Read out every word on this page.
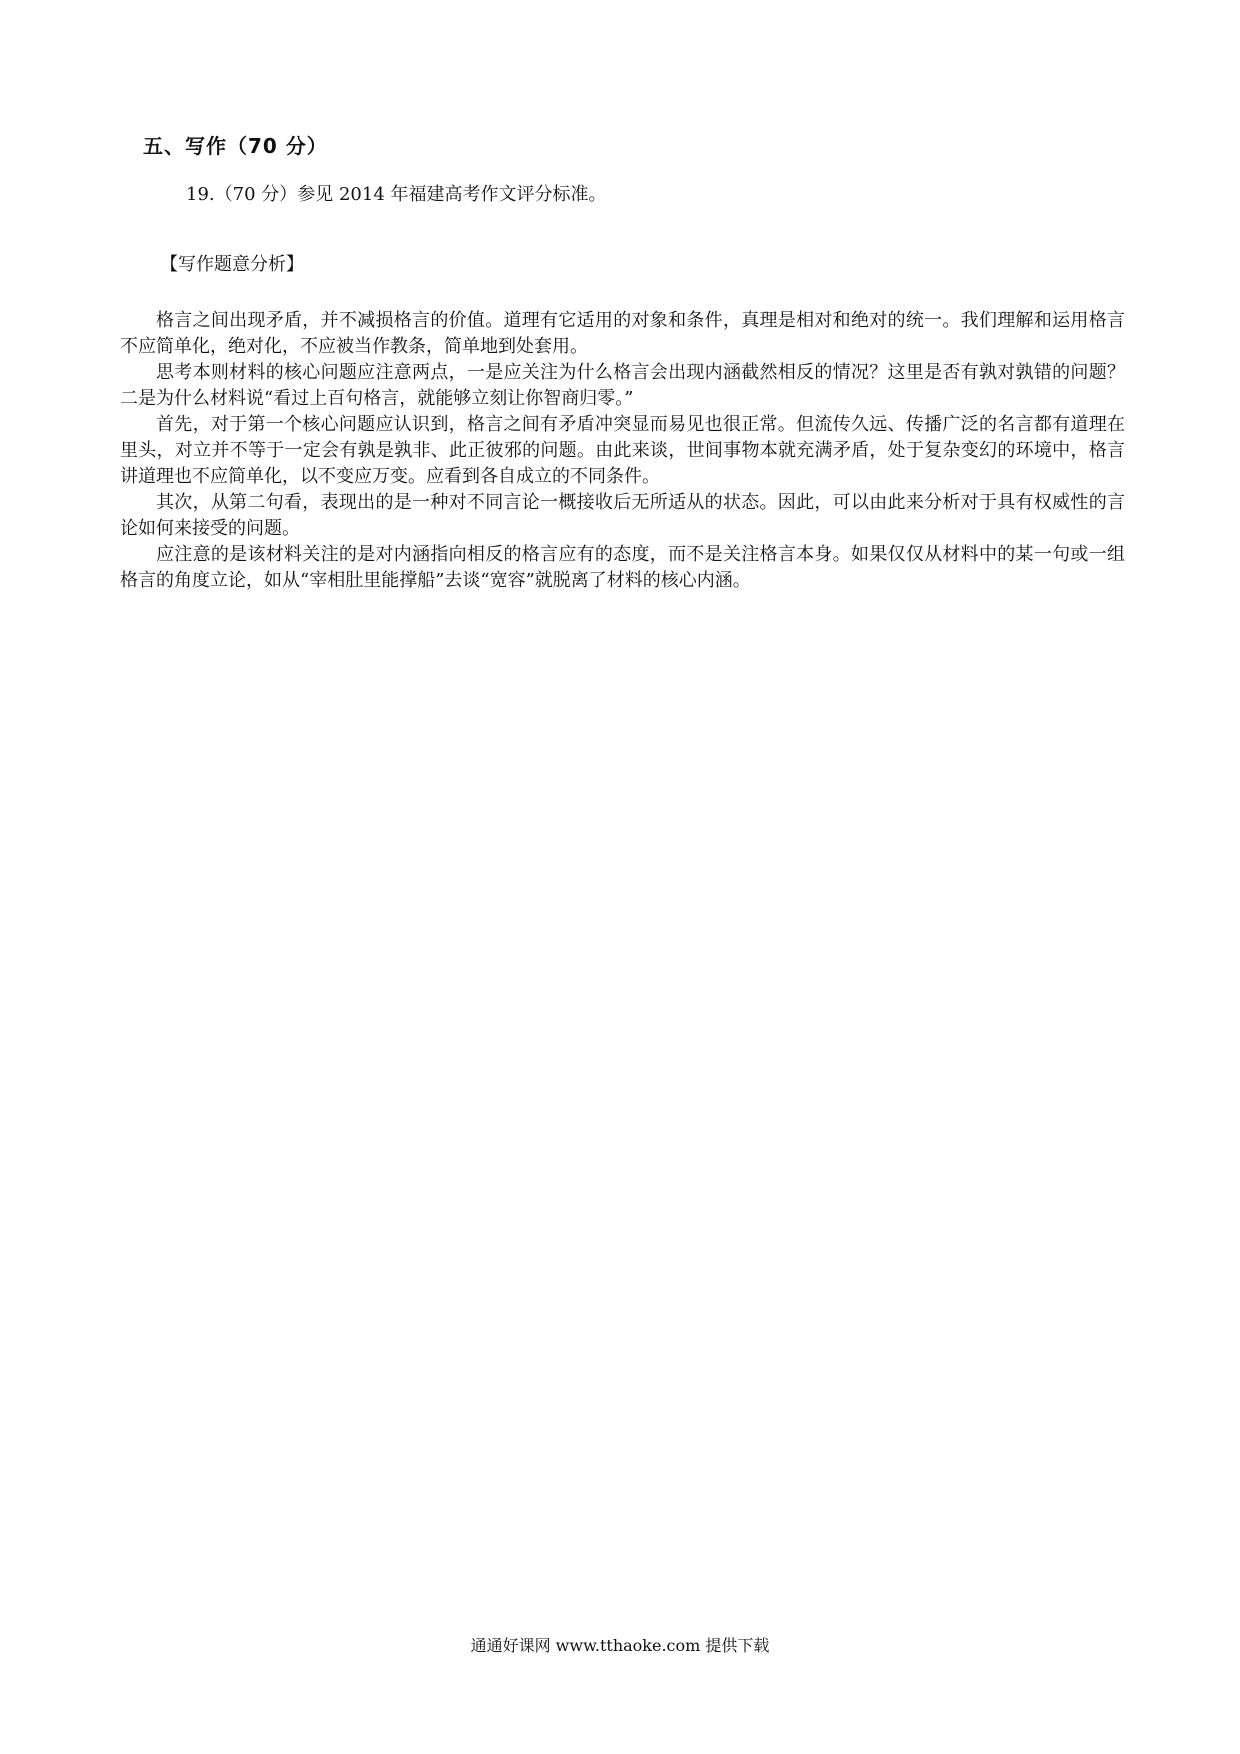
五、写作（70 分）
19.（70 分）参见 2014 年福建高考作文评分标准。
【写作题意分析】

格言之间出现矛盾，并不减损格言的价值。道理有它适用的对象和条件，真理是相对和绝对的统一。我们理解和运用格言不应简单化，绝对化，不应被当作教条，简单地到处套用。

思考本则材料的核心问题应注意两点，一是应关注为什么格言会出现内涵截然相反的情况？这里是否有孰对孰错的问题？二是为什么材料说“看过上百句格言，就能够立刻让你智商归零。”

首先，对于第一个核心问题应认识到，格言之间有矛盾冲突显而易见也很正常。但流传久远、传播广泛的名言都有道理在里头，对立并不等于一定会有孰是孰非、此正彼邪的问题。由此来谈，世间事物本就充满矛盾，处于复杂变幻的环境中，格言讲道理也不应简单化，以不变应万变。应看到各自成立的不同条件。

其次，从第二句看，表现出的是一种对不同言论一概接收后无所适从的状态。因此，可以由此来分析对于具有权威性的言论如何来接受的问题。

应注意的是该材料关注的是对内涵指向相反的格言应有的态度，而不是关注格言本身。如果仅仅从材料中的某一句或一组格言的角度立论，如从“宰相肚里能撑船”去谈“宽容”就脱离了材料的核心内涵。

通通好课网 www.tthaoke.com 提供下载
